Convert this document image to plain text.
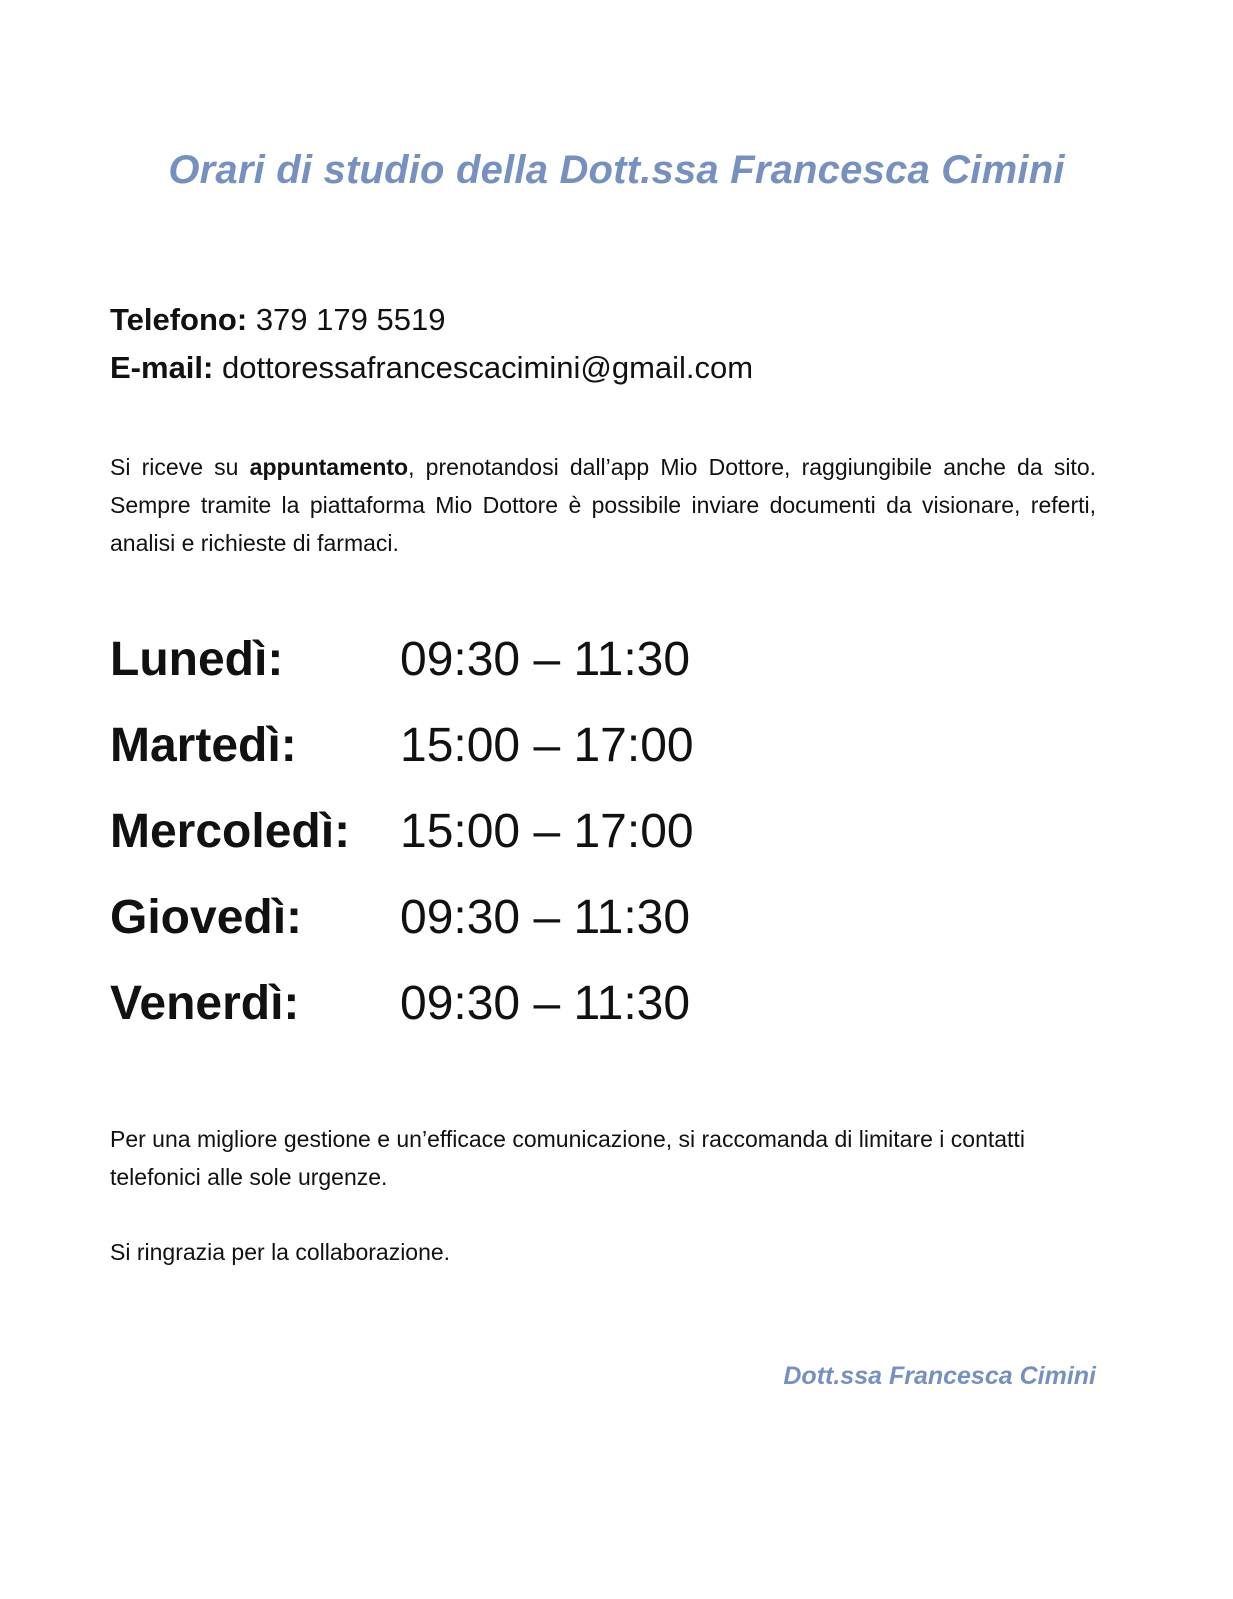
Orari di studio della Dott.ssa Francesca Cimini
Telefono: 379 179 5519
E-mail: dottoressafrancescacimini@gmail.com
Si riceve su appuntamento, prenotandosi dall’app Mio Dottore, raggiungibile anche da sito. Sempre tramite la piattaforma Mio Dottore è possibile inviare documenti da visionare, referti, analisi e richieste di farmaci.
Lunedì:	09:30 – 11:30
Martedì:	15:00 – 17:00
Mercoledì:	15:00 – 17:00
Giovedì:	09:30 – 11:30
Venerdì:	09:30 – 11:30
Per una migliore gestione e un’efficace comunicazione, si raccomanda di limitare i contatti telefonici alle sole urgenze.
Si ringrazia per la collaborazione.
Dott.ssa Francesca Cimini
